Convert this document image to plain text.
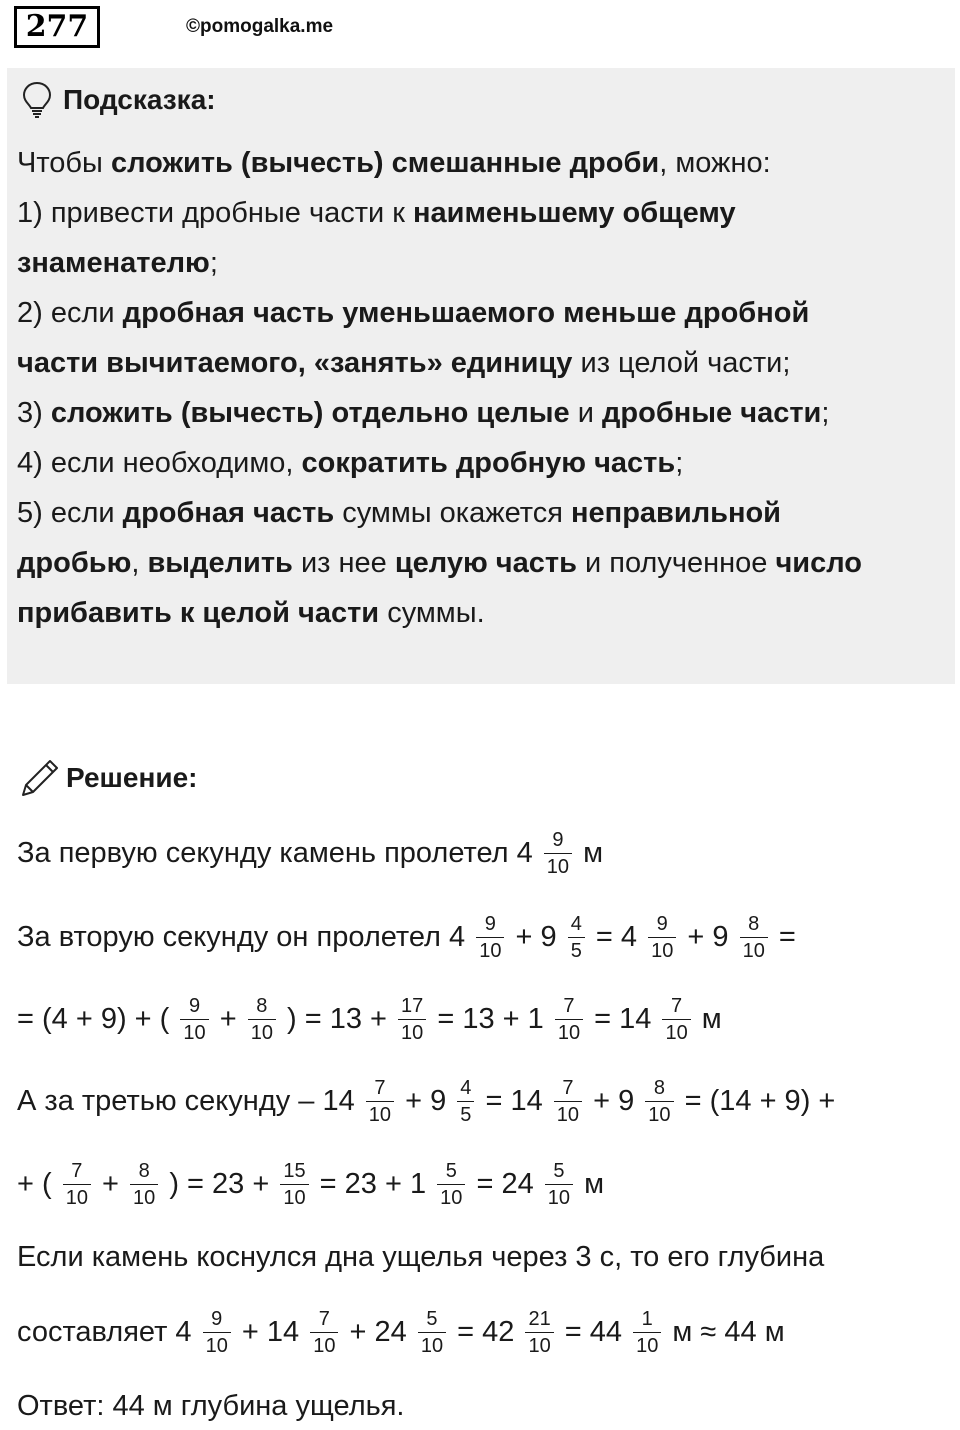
277	©pomogalka.me
Подсказка:
Чтобы сложить (вычесть) смешанные дроби, можно:
1) привести дробные части к наименьшему общему
знаменателю;
2) если дробная часть уменьшаемого меньше дробной
части вычитаемого, «занять» единицу из целой части;
3) сложить (вычесть) отдельно целые и дробные части;
4) если необходимо, сократить дробную часть;
5) если дробная часть суммы окажется неправильной
дробью, выделить из нее целую часть и полученное число
прибавить к целой части суммы.
Решение:
За первую секунду камень пролетел $4 \frac{9}{10}$ м
За вторую секунду он пролетел $4 \frac{9}{10} + 9 \frac{4}{5} = 4 \frac{9}{10} + 9 \frac{8}{10}$ =
= (4 + 9) + ( $\frac{9}{10} + \frac{8}{10}$ ) = $13 + \frac{17}{10} = 13 + 1 \frac{7}{10} = 14 \frac{7}{10}$ м
А за третью секунду – $14 \frac{7}{10} + 9 \frac{4}{5} = 14 \frac{7}{10} + 9 \frac{8}{10} = (14 + 9)$ +
+ ( $\frac{7}{10} + \frac{8}{10}$ ) = $23 + \frac{15}{10} = 23 + 1 \frac{5}{10} = 24 \frac{5}{10}$ м
Если камень коснулся дна ущелья через 3 с, то его глубина
составляет $4 \frac{9}{10} + 14 \frac{7}{10} + 24 \frac{5}{10} = 42 \frac{21}{10} = 44 \frac{1}{10}$ м ≈ 44 м
Ответ: 44 м глубина ущелья.
